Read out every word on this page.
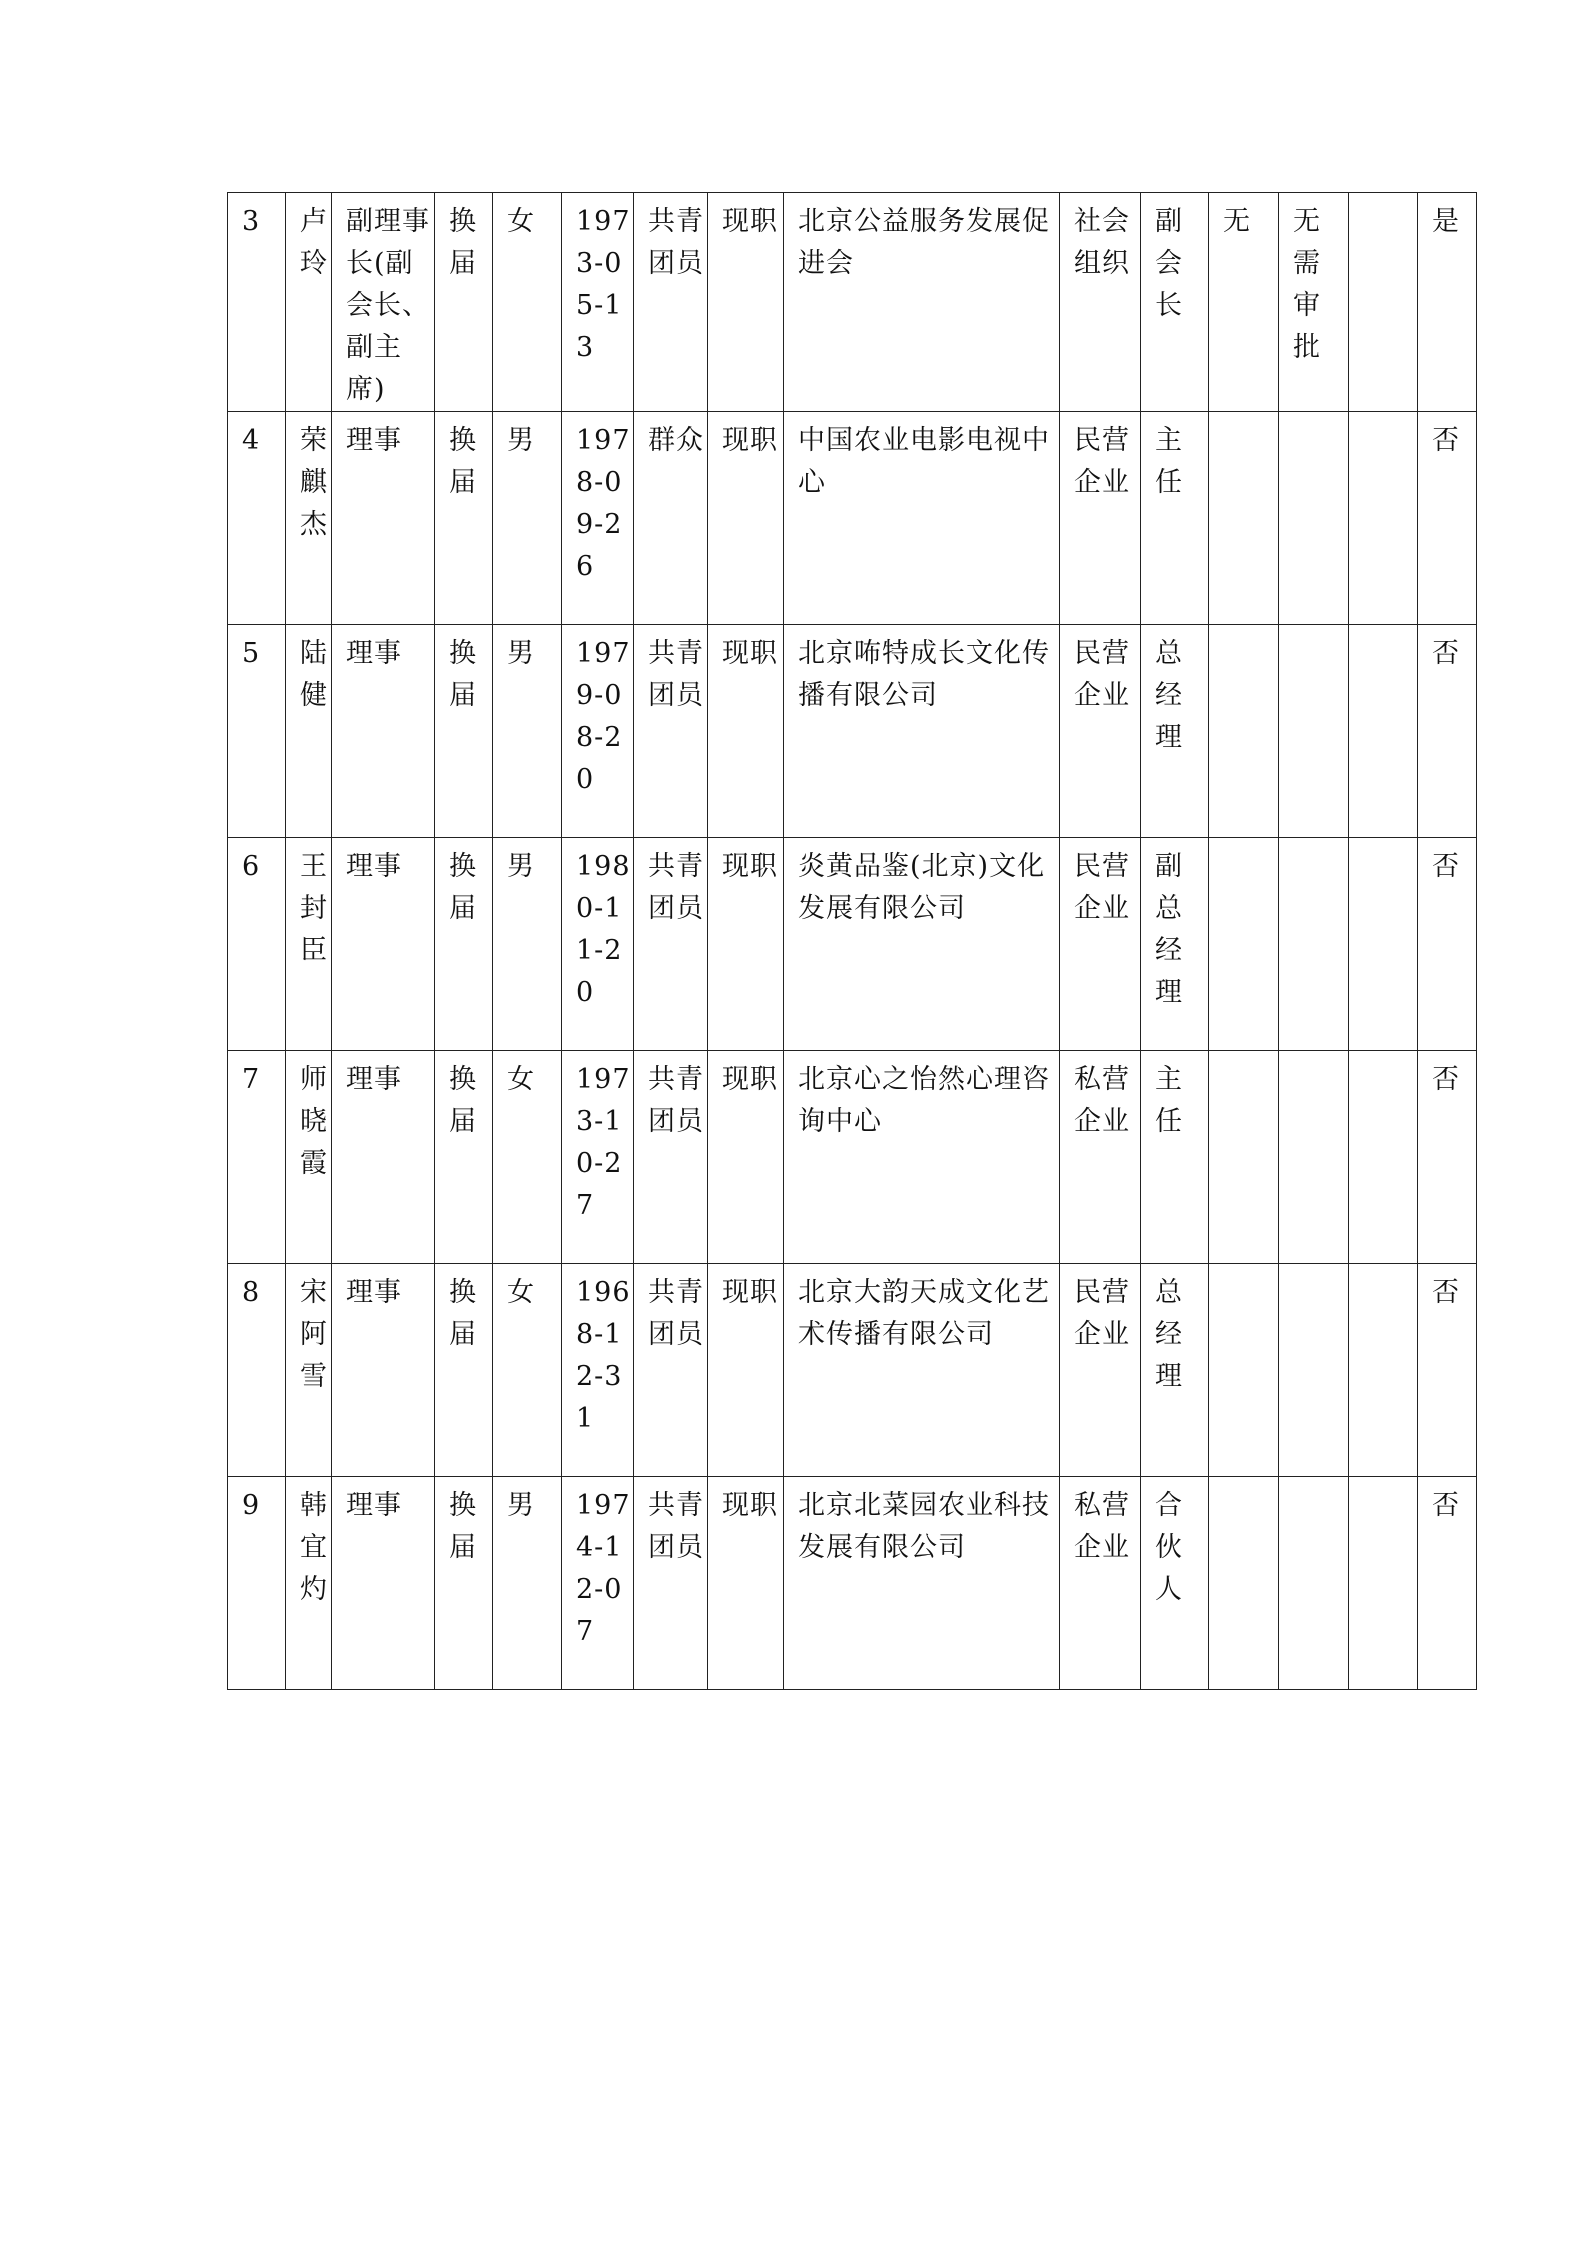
3	卢玲	副理事长(副会长、副主席)	换届	女	1973-05-13	共青团员	现职	北京公益服务发展促进会	社会组织	副会长	无	无需审批		是

4	荣麒杰	理事	换届	男	1978-09-26	群众	现职	中国农业电影电视中心	民营企业	主任				否

5	陆健	理事	换届	男	1979-08-20	共青团员	现职	北京咘特成长文化传播有限公司	民营企业	总经理				否

6	王封臣	理事	换届	男	1980-11-20	共青团员	现职	炎黄品鉴(北京)文化发展有限公司	民营企业	副总经理				否

7	师晓霞	理事	换届	女	1973-10-27	共青团员	现职	北京心之怡然心理咨询中心	私营企业	主任				否

8	宋阿雪	理事	换届	女	1968-12-31	共青团员	现职	北京大韵天成文化艺术传播有限公司	民营企业	总经理				否

9	韩宜灼	理事	换届	男	1974-12-07	共青团员	现职	北京北菜园农业科技发展有限公司	私营企业	合伙人				否
